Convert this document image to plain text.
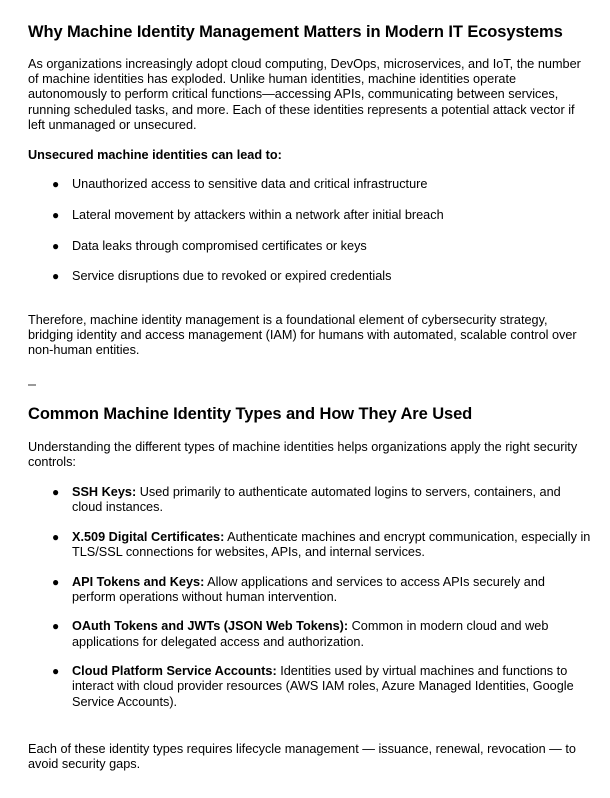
Why Machine Identity Management Matters in Modern IT Ecosystems

As organizations increasingly adopt cloud computing, DevOps, microservices, and IoT, the number of machine identities has exploded. Unlike human identities, machine identities operate autonomously to perform critical functions—accessing APIs, communicating between services, running scheduled tasks, and more. Each of these identities represents a potential attack vector if left unmanaged or unsecured.

Unsecured machine identities can lead to:

● Unauthorized access to sensitive data and critical infrastructure
● Lateral movement by attackers within a network after initial breach
● Data leaks through compromised certificates or keys
● Service disruptions due to revoked or expired credentials

Therefore, machine identity management is a foundational element of cybersecurity strategy, bridging identity and access management (IAM) for humans with automated, scalable control over non-human entities.

Common Machine Identity Types and How They Are Used

Understanding the different types of machine identities helps organizations apply the right security controls:

● SSH Keys: Used primarily to authenticate automated logins to servers, containers, and cloud instances.
● X.509 Digital Certificates: Authenticate machines and encrypt communication, especially in TLS/SSL connections for websites, APIs, and internal services.
● API Tokens and Keys: Allow applications and services to access APIs securely and perform operations without human intervention.
● OAuth Tokens and JWTs (JSON Web Tokens): Common in modern cloud and web applications for delegated access and authorization.
● Cloud Platform Service Accounts: Identities used by virtual machines and functions to interact with cloud provider resources (AWS IAM roles, Azure Managed Identities, Google Service Accounts).

Each of these identity types requires lifecycle management — issuance, renewal, revocation — to avoid security gaps.
